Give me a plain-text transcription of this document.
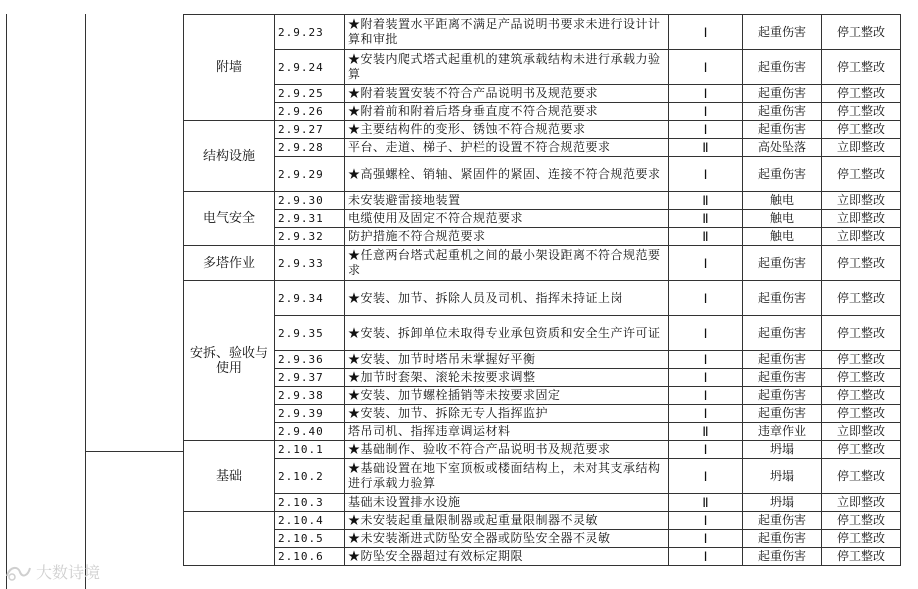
附墙	2.9.23	★附着装置水平距离不满足产品说明书要求未进行设计计算和审批	Ⅰ	起重伤害	停工整改
	2.9.24	★安装内爬式塔式起重机的建筑承载结构未进行承载力验算	Ⅰ	起重伤害	停工整改
	2.9.25	★附着装置安装不符合产品说明书及规范要求	Ⅰ	起重伤害	停工整改
	2.9.26	★附着前和附着后塔身垂直度不符合规范要求	Ⅰ	起重伤害	停工整改
结构设施	2.9.27	★主要结构件的变形、锈蚀不符合规范要求	Ⅰ	起重伤害	停工整改
	2.9.28	平台、走道、梯子、护栏的设置不符合规范要求	Ⅱ	高处坠落	立即整改
	2.9.29	★高强螺栓、销轴、紧固件的紧固、连接不符合规范要求	Ⅰ	起重伤害	停工整改
电气安全	2.9.30	未安装避雷接地装置	Ⅱ	触电	立即整改
	2.9.31	电缆使用及固定不符合规范要求	Ⅱ	触电	立即整改
	2.9.32	防护措施不符合规范要求	Ⅱ	触电	立即整改
多塔作业	2.9.33	★任意两台塔式起重机之间的最小架设距离不符合规范要求	Ⅰ	起重伤害	停工整改
安拆、验收与使用	2.9.34	★安装、加节、拆除人员及司机、指挥未持证上岗	Ⅰ	起重伤害	停工整改
	2.9.35	★安装、拆卸单位未取得专业承包资质和安全生产许可证	Ⅰ	起重伤害	停工整改
	2.9.36	★安装、加节时塔吊未掌握好平衡	Ⅰ	起重伤害	停工整改
	2.9.37	★加节时套架、滚轮未按要求调整	Ⅰ	起重伤害	停工整改
	2.9.38	★安装、加节螺栓插销等未按要求固定	Ⅰ	起重伤害	停工整改
	2.9.39	★安装、加节、拆除无专人指挥监护	Ⅰ	起重伤害	停工整改
	2.9.40	塔吊司机、指挥违章调运材料	Ⅱ	违章作业	立即整改
基础	2.10.1	★基础制作、验收不符合产品说明书及规范要求	Ⅰ	坍塌	停工整改
	2.10.2	★基础设置在地下室顶板或楼面结构上，未对其支承结构进行承载力验算	Ⅰ	坍塌	停工整改
	2.10.3	基础未设置排水设施	Ⅱ	坍塌	立即整改
	2.10.4	★未安装起重量限制器或起重量限制器不灵敏	Ⅰ	起重伤害	停工整改
	2.10.5	★未安装渐进式防坠安全器或防坠安全器不灵敏	Ⅰ	起重伤害	停工整改
	2.10.6	★防坠安全器超过有效标定期限	Ⅰ	起重伤害	停工整改
大数诗境
